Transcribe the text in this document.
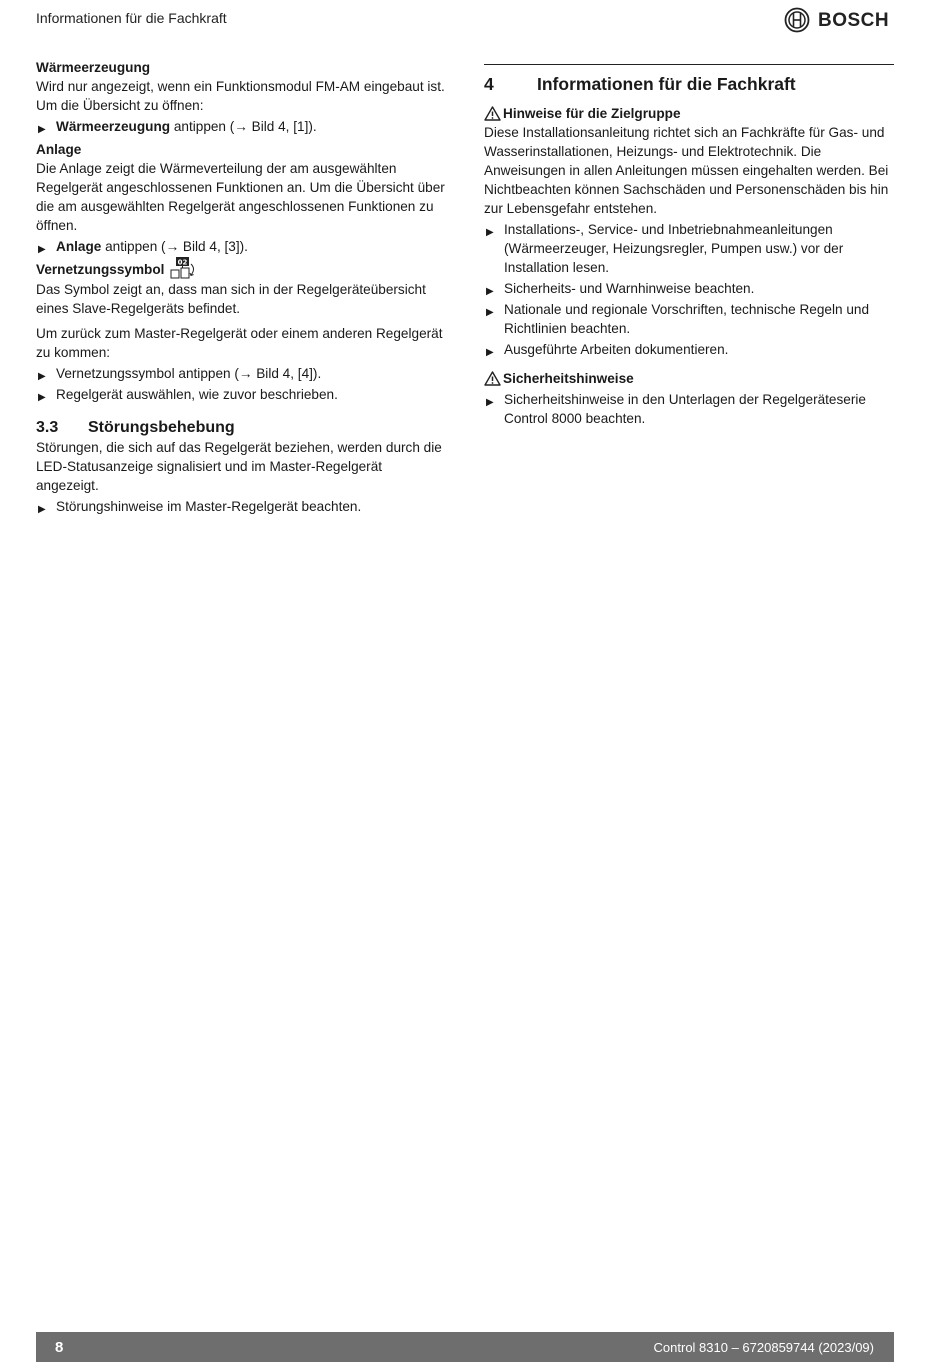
Informationen für die Fachkraft	BOSCH

Wärmeerzeugung

Wird nur angezeigt, wenn ein Funktionsmodul FM-AM eingebaut ist. Um die Übersicht zu öffnen:

▶ Wärmeerzeugung antippen (→ Bild 4, [1]).

Anlage

Die Anlage zeigt die Wärmeverteilung der am ausgewählten Regelgerät angeschlossenen Funktionen an. Um die Übersicht über die am ausgewählten Regelgerät angeschlossenen Funktionen zu öffnen.

▶ Anlage antippen (→ Bild 4, [3]).
Vernetzungssymbol 02

Das Symbol zeigt an, dass man sich in der Regelgeräteübersicht eines Slave-Regelgeräts befindet.

Um zurück zum Master-Regelgerät oder einem anderen Regelgerät zu kommen:

▶ Vernetzungssymbol antippen (→ Bild 4, [4]).
▶ Regelgerät auswählen, wie zuvor beschrieben.
3.3	Störungsbehebung

Störungen, die sich auf das Regelgerät beziehen, werden durch die LED-Statusanzeige signalisiert und im Master-Regelgerät angezeigt.

▶ Störungshinweise im Master-Regelgerät beachten.
4	Informationen für die Fachkraft
Hinweise für die Zielgruppe

Diese Installationsanleitung richtet sich an Fachkräfte für Gas- und Wasserinstallationen, Heizungs- und Elektrotechnik. Die Anweisungen in allen Anleitungen müssen eingehalten werden. Bei Nichtbeachten können Sachschäden und Personenschäden bis hin zur Lebensgefahr entstehen.

▶ Installations-, Service- und Inbetriebnahmeanleitungen (Wärmeerzeuger, Heizungsregler, Pumpen usw.) vor der Installation lesen.
▶ Sicherheits- und Warnhinweise beachten.
▶ Nationale und regionale Vorschriften, technische Regeln und Richtlinien beachten.
▶ Ausgeführte Arbeiten dokumentieren.
Sicherheitshinweise
▶ Sicherheitshinweise in den Unterlagen der Regelgeräteserie Control 8000 beachten.
8	Control 8310 – 6720859744 (2023/09)
